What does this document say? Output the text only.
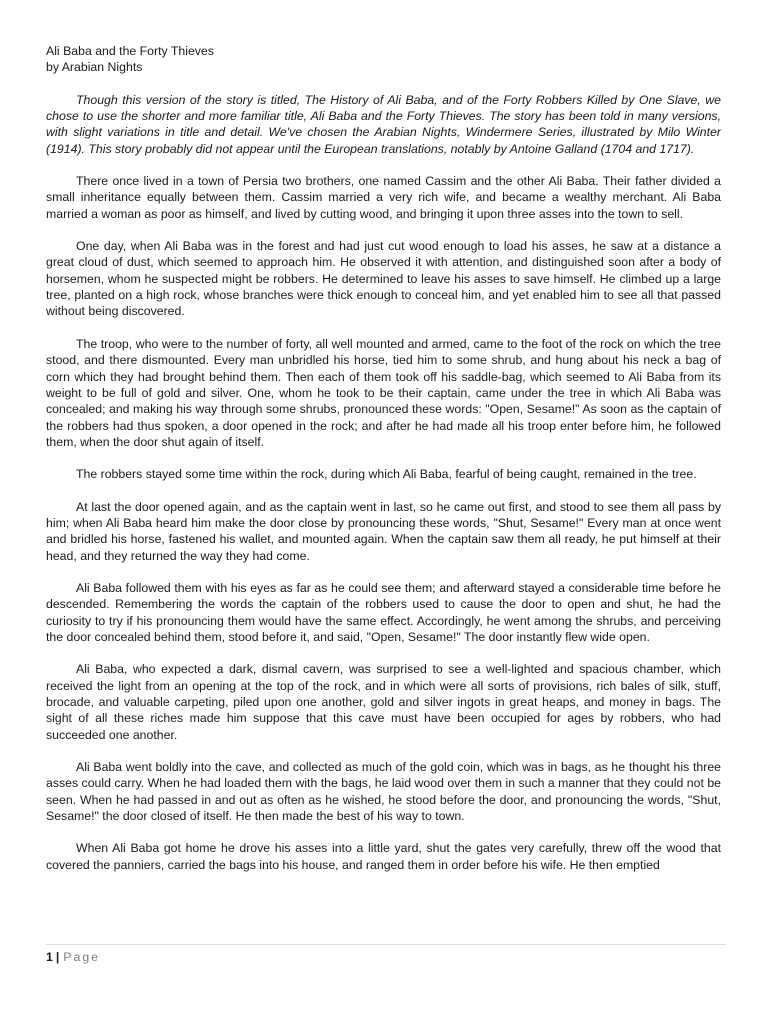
Ali Baba and the Forty Thieves
by Arabian Nights

Though this version of the story is titled, The History of Ali Baba, and of the Forty Robbers Killed by One Slave, we chose to use the shorter and more familiar title, Ali Baba and the Forty Thieves. The story has been told in many versions, with slight variations in title and detail. We've chosen the Arabian Nights, Windermere Series, illustrated by Milo Winter (1914). This story probably did not appear until the European translations, notably by Antoine Galland (1704 and 1717).

There once lived in a town of Persia two brothers, one named Cassim and the other Ali Baba. Their father divided a small inheritance equally between them. Cassim married a very rich wife, and became a wealthy merchant. Ali Baba married a woman as poor as himself, and lived by cutting wood, and bringing it upon three asses into the town to sell.

One day, when Ali Baba was in the forest and had just cut wood enough to load his asses, he saw at a distance a great cloud of dust, which seemed to approach him. He observed it with attention, and distinguished soon after a body of horsemen, whom he suspected might be robbers. He determined to leave his asses to save himself. He climbed up a large tree, planted on a high rock, whose branches were thick enough to conceal him, and yet enabled him to see all that passed without being discovered.

The troop, who were to the number of forty, all well mounted and armed, came to the foot of the rock on which the tree stood, and there dismounted. Every man unbridled his horse, tied him to some shrub, and hung about his neck a bag of corn which they had brought behind them. Then each of them took off his saddle-bag, which seemed to Ali Baba from its weight to be full of gold and silver. One, whom he took to be their captain, came under the tree in which Ali Baba was concealed; and making his way through some shrubs, pronounced these words: "Open, Sesame!" As soon as the captain of the robbers had thus spoken, a door opened in the rock; and after he had made all his troop enter before him, he followed them, when the door shut again of itself.

The robbers stayed some time within the rock, during which Ali Baba, fearful of being caught, remained in the tree.

At last the door opened again, and as the captain went in last, so he came out first, and stood to see them all pass by him; when Ali Baba heard him make the door close by pronouncing these words, "Shut, Sesame!" Every man at once went and bridled his horse, fastened his wallet, and mounted again. When the captain saw them all ready, he put himself at their head, and they returned the way they had come.

Ali Baba followed them with his eyes as far as he could see them; and afterward stayed a considerable time before he descended. Remembering the words the captain of the robbers used to cause the door to open and shut, he had the curiosity to try if his pronouncing them would have the same effect. Accordingly, he went among the shrubs, and perceiving the door concealed behind them, stood before it, and said, "Open, Sesame!" The door instantly flew wide open.

Ali Baba, who expected a dark, dismal cavern, was surprised to see a well-lighted and spacious chamber, which received the light from an opening at the top of the rock, and in which were all sorts of provisions, rich bales of silk, stuff, brocade, and valuable carpeting, piled upon one another, gold and silver ingots in great heaps, and money in bags. The sight of all these riches made him suppose that this cave must have been occupied for ages by robbers, who had succeeded one another.

Ali Baba went boldly into the cave, and collected as much of the gold coin, which was in bags, as he thought his three asses could carry. When he had loaded them with the bags, he laid wood over them in such a manner that they could not be seen. When he had passed in and out as often as he wished, he stood before the door, and pronouncing the words, "Shut, Sesame!" the door closed of itself. He then made the best of his way to town.

When Ali Baba got home he drove his asses into a little yard, shut the gates very carefully, threw off the wood that covered the panniers, carried the bags into his house, and ranged them in order before his wife. He then emptied

1 | Page
